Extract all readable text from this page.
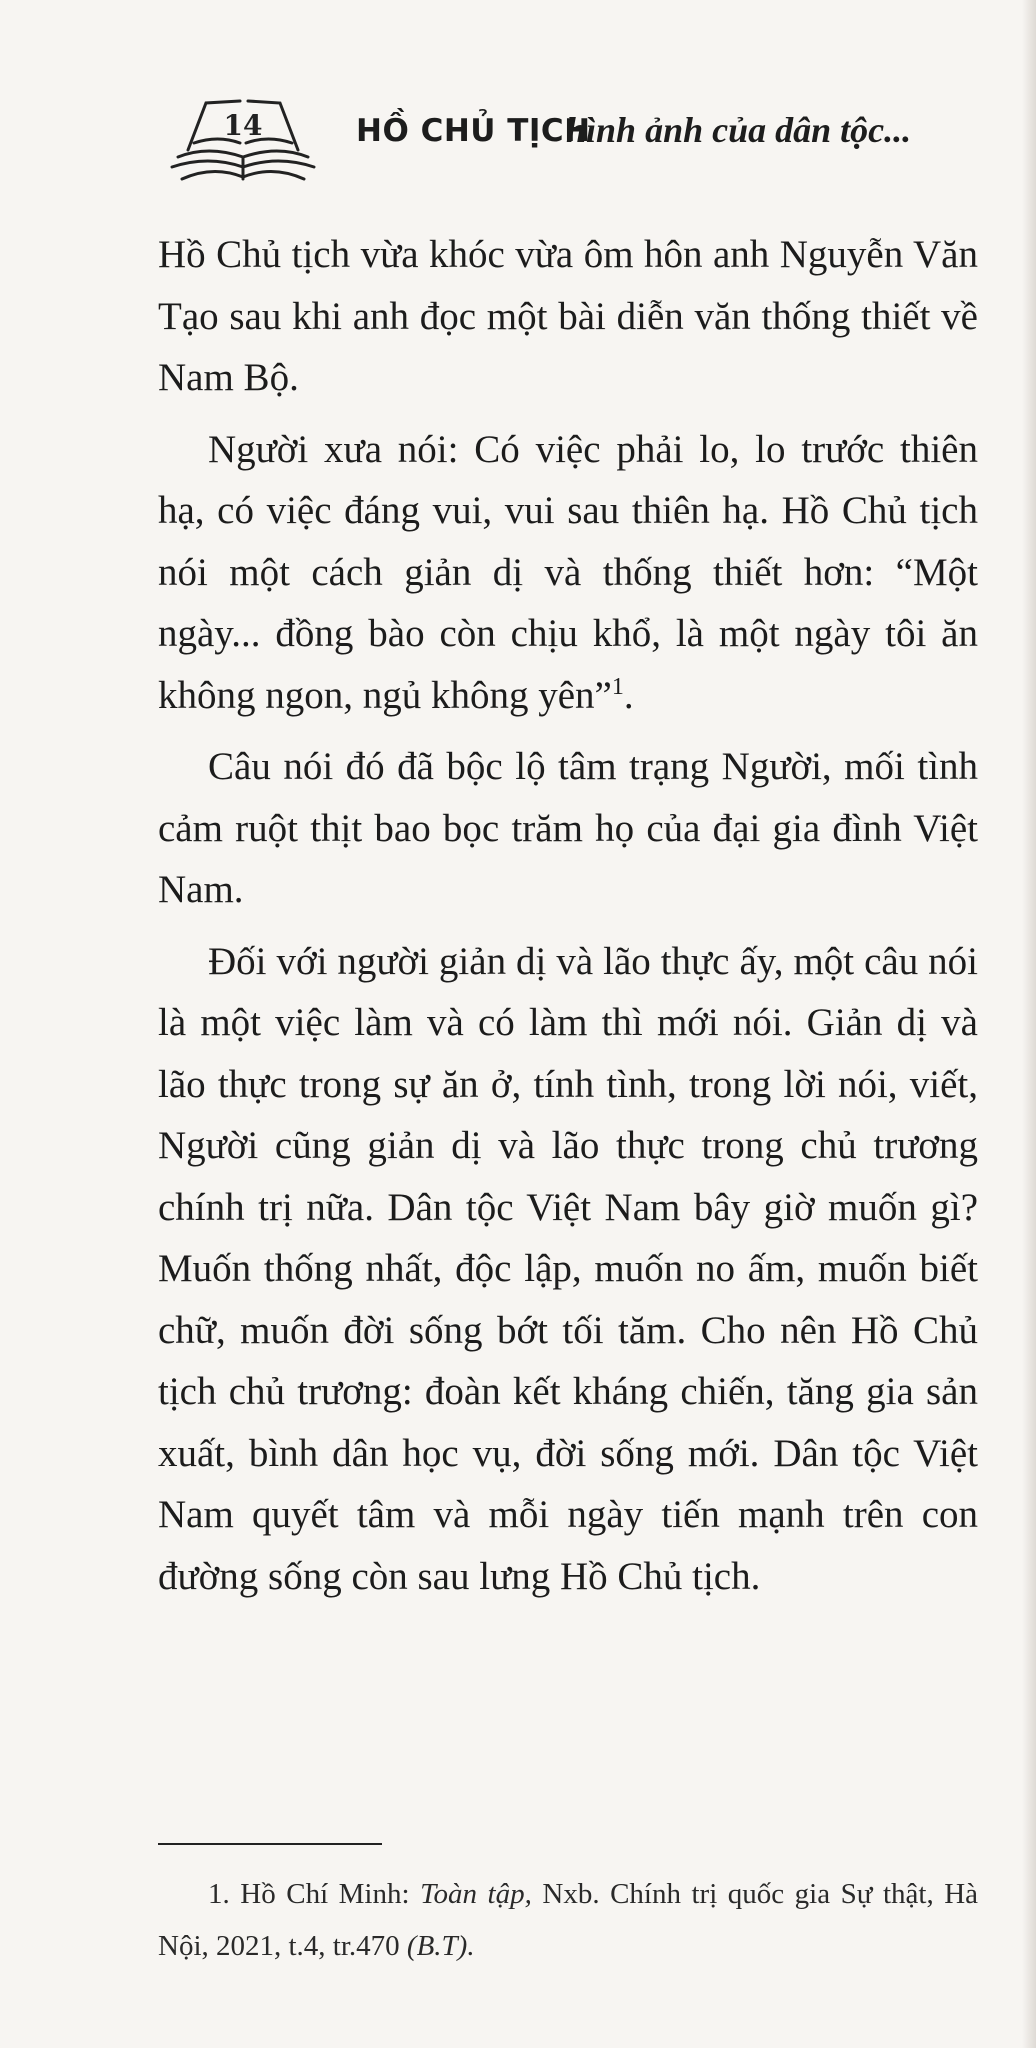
14	HỒ CHỦ TỊCH
hình ảnh của dân tộc...

Hồ Chủ tịch vừa khóc vừa ôm hôn anh Nguyễn Văn Tạo sau khi anh đọc một bài diễn văn thống thiết về Nam Bộ.

Người xưa nói: Có việc phải lo, lo trước thiên hạ, có việc đáng vui, vui sau thiên hạ. Hồ Chủ tịch nói một cách giản dị và thống thiết hơn: “Một ngày... đồng bào còn chịu khổ, là một ngày tôi ăn không ngon, ngủ không yên”$^1$.

Câu nói đó đã bộc lộ tâm trạng Người, mối tình cảm ruột thịt bao bọc trăm họ của đại gia đình Việt Nam.

Đối với người giản dị và lão thực ấy, một câu nói là một việc làm và có làm thì mới nói. Giản dị và lão thực trong sự ăn ở, tính tình, trong lời nói, viết, Người cũng giản dị và lão thực trong chủ trương chính trị nữa. Dân tộc Việt Nam bây giờ muốn gì? Muốn thống nhất, độc lập, muốn no ấm, muốn biết chữ, muốn đời sống bớt tối tăm. Cho nên Hồ Chủ tịch chủ trương: đoàn kết kháng chiến, tăng gia sản xuất, bình dân học vụ, đời sống mới. Dân tộc Việt Nam quyết tâm và mỗi ngày tiến mạnh trên con đường sống còn sau lưng Hồ Chủ tịch.

1. Hồ Chí Minh: Toàn tập, Nxb. Chính trị quốc gia Sự thật, Hà Nội, 2021, t.4, tr.470 (B.T).
